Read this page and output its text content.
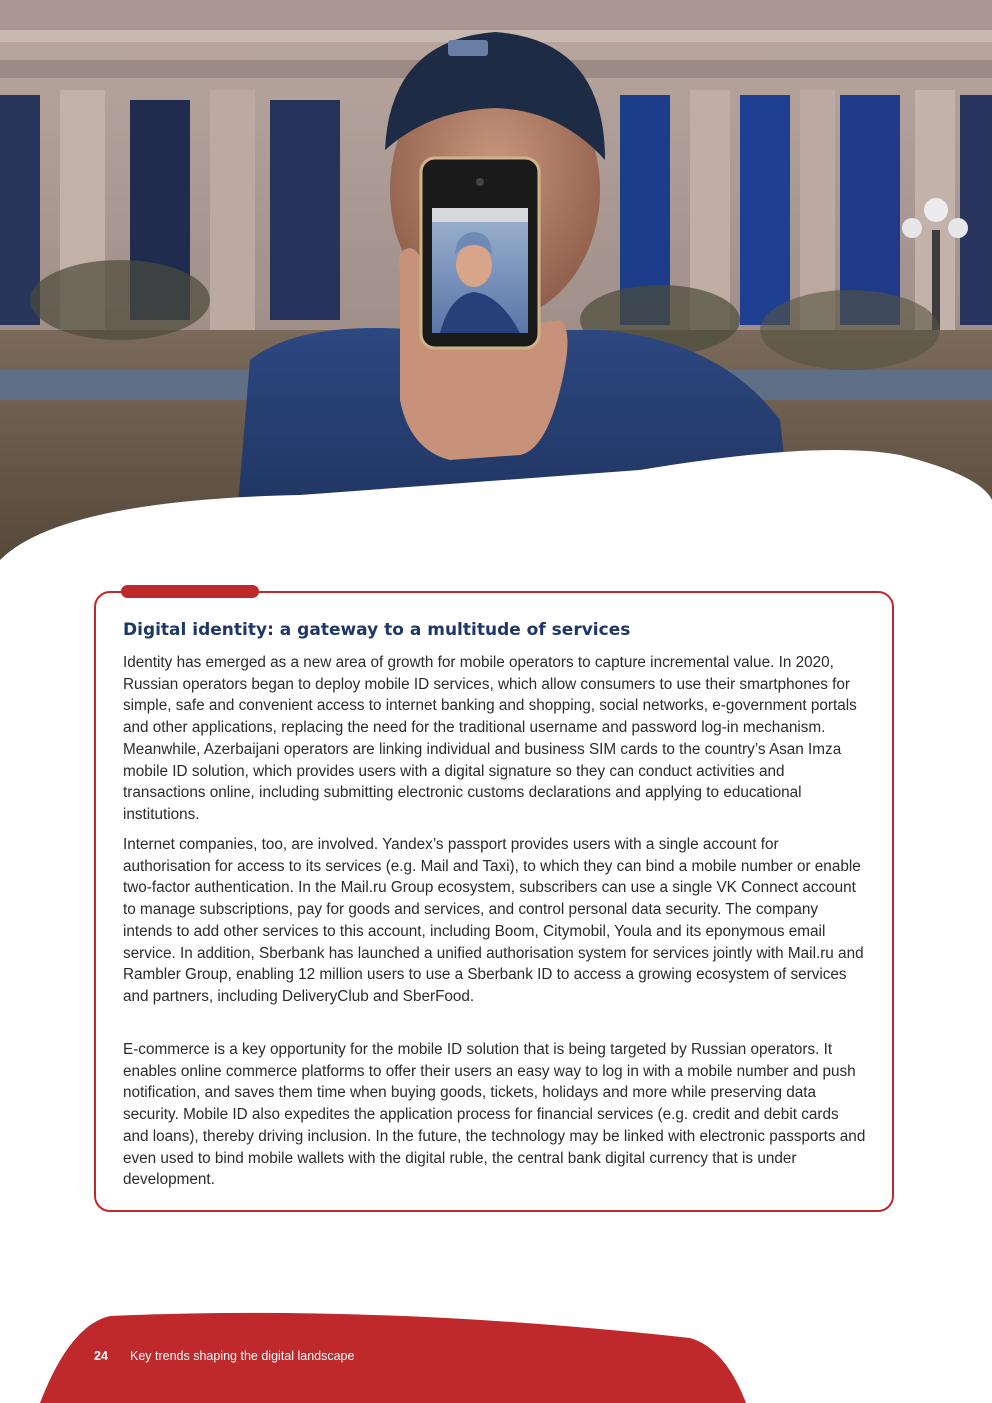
Digital identity: a gateway to a multitude of services

Identity has emerged as a new area of growth for mobile operators to capture incremental value. In 2020, Russian operators began to deploy mobile ID services, which allow consumers to use their smartphones for simple, safe and convenient access to internet banking and shopping, social networks, e-government portals and other applications, replacing the need for the traditional username and password log-in mechanism. Meanwhile, Azerbaijani operators are linking individual and business SIM cards to the country’s Asan Imza mobile ID solution, which provides users with a digital signature so they can conduct activities and transactions online, including submitting electronic customs declarations and applying to educational institutions.

Internet companies, too, are involved. Yandex’s passport provides users with a single account for authorisation for access to its services (e.g. Mail and Taxi), to which they can bind a mobile number or enable two-factor authentication. In the Mail.ru Group ecosystem, subscribers can use a single VK Connect account to manage subscriptions, pay for goods and services, and control personal data security. The company intends to add other services to this account, including Boom, Citymobil, Youla and its eponymous email service. In addition, Sberbank has launched a unified authorisation system for services jointly with Mail.ru and Rambler Group, enabling 12 million users to use a Sberbank ID to access a growing ecosystem of services and partners, including DeliveryClub and SberFood.

E-commerce is a key opportunity for the mobile ID solution that is being targeted by Russian operators. It enables online commerce platforms to offer their users an easy way to log in with a mobile number and push notification, and saves them time when buying goods, tickets, holidays and more while preserving data security. Mobile ID also expedites the application process for financial services (e.g. credit and debit cards and loans), thereby driving inclusion. In the future, the technology may be linked with electronic passports and even used to bind mobile wallets with the digital ruble, the central bank digital currency that is under development.

24 Key trends shaping the digital landscape
